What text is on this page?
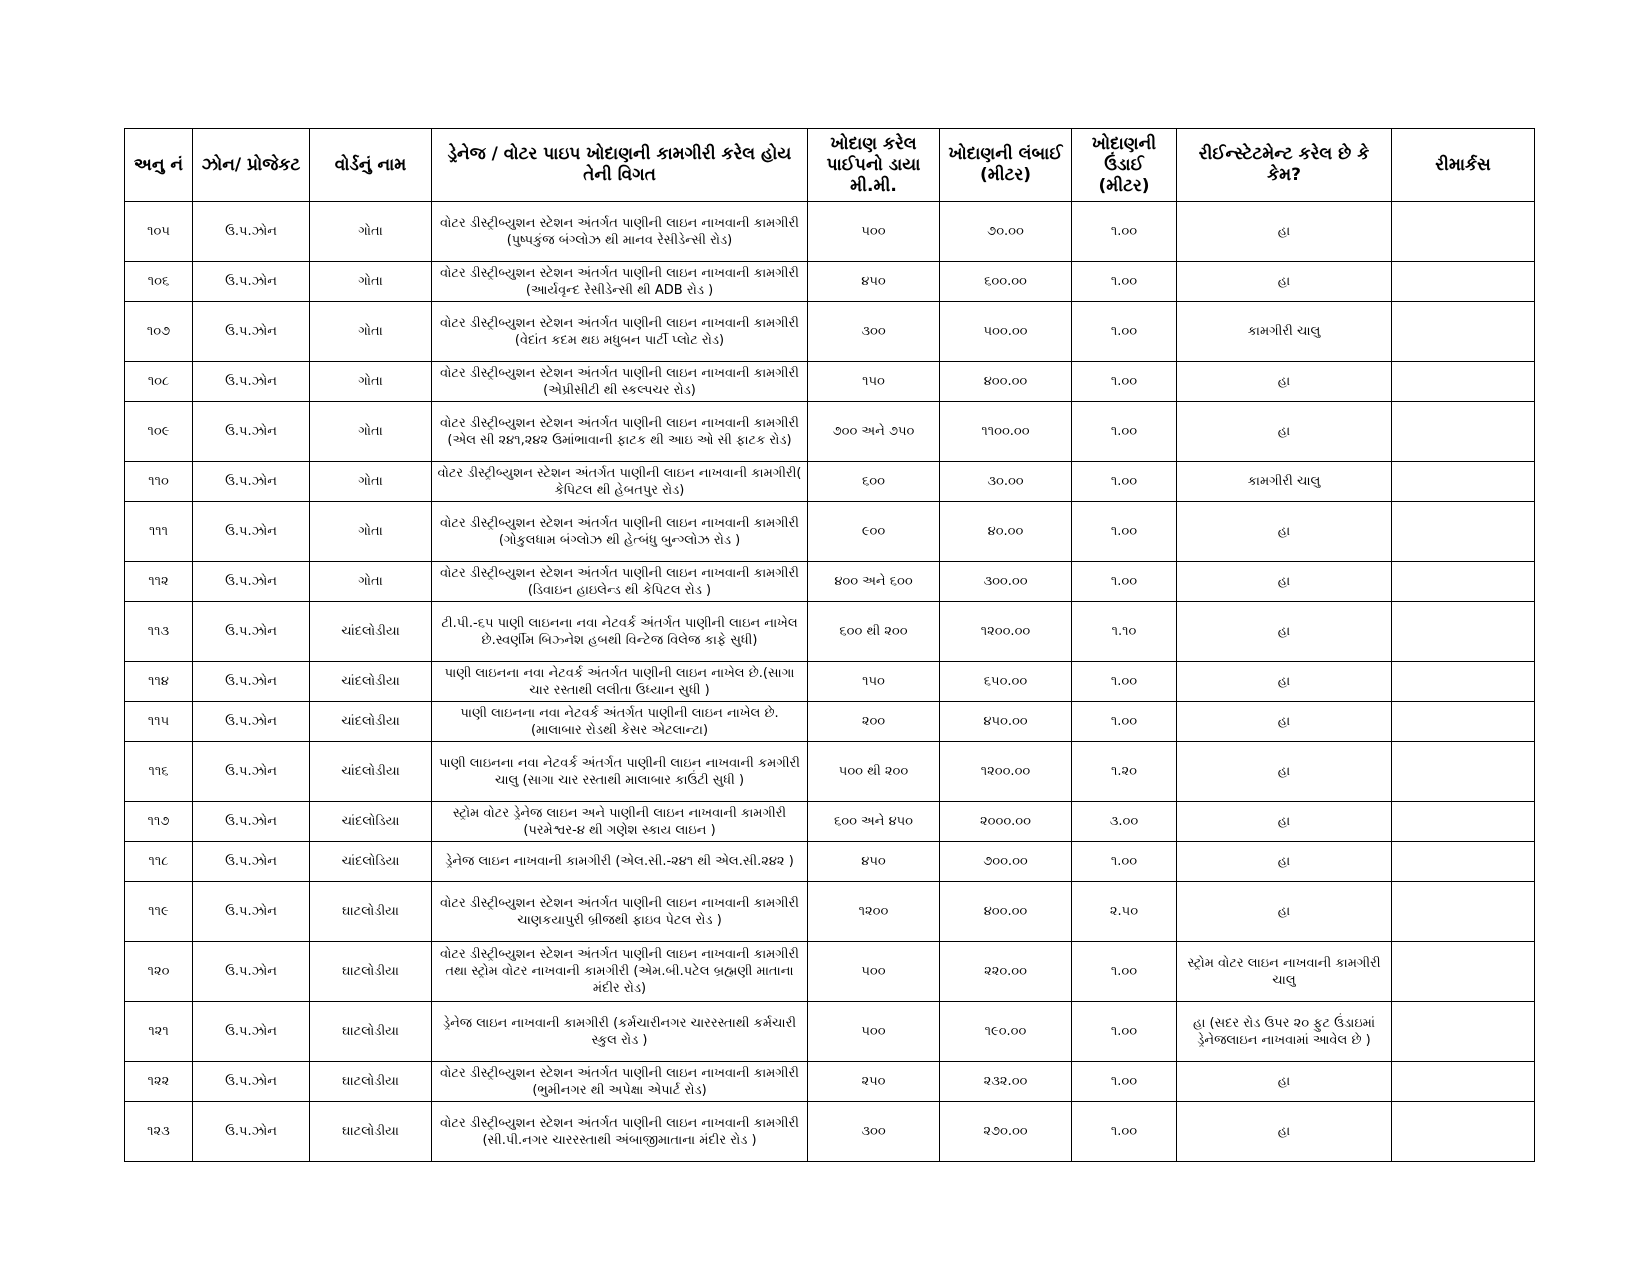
અનુ નં	ઝોન/ પ્રોજેકટ	વોર્ડનું નામ	ડ્રેનેજ / વોટર પાઇપ ખોદાણની કામગીરી કરેલ હોય તેની વિગત	ખોદાણ કરેલ પાઈપનો ડાયા મી.મી.	ખોદાણની લંબાઈ (મીટર)	ખોદાણની ઉંડાઈ (મીટર)	રીઈન્સ્ટેટમેન્ટ કરેલ છે કે કેમ?	રીમાર્કસ
૧૦૫	ઉ.પ.ઝોન	ગોતા	વોટર ડીસ્ટ્રીબ્યુશન સ્ટેશન અંતર્ગત પાણીની લાઇન નાખવાની કામગીરી (પુષ્પકુંજ બંગ્લોઝ થી માનવ રેસીડેન્સી રોડ)	૫૦૦	૭૦.૦૦	૧.૦૦	હા	
૧૦૬	ઉ.પ.ઝોન	ગોતા	વોટર ડીસ્ટ્રીબ્યુશન સ્ટેશન અંતર્ગત પાણીની લાઇન નાખવાની કામગીરી (આર્યવૃન્દ રેસીડેન્સી થી ADB રોડ )	૪૫૦	૬૦૦.૦૦	૧.૦૦	હા	
૧૦૭	ઉ.પ.ઝોન	ગોતા	વોટર ડીસ્ટ્રીબ્યુશન સ્ટેશન અંતર્ગત પાણીની લાઇન નાખવાની કામગીરી (વેદાંત કદમ થઇ મધુબન પાર્ટી પ્લોટ રોડ)	૩૦૦	૫૦૦.૦૦	૧.૦૦	કામગીરી ચાલુ	
૧૦૮	ઉ.પ.ઝોન	ગોતા	વોટર ડીસ્ટ્રીબ્યુશન સ્ટેશન અંતર્ગત પાણીની લાઇન નાખવાની કામગીરી (એપ્રીસીટી થી સ્કલ્પચર રોડ)	૧૫૦	૪૦૦.૦૦	૧.૦૦	હા	
૧૦૯	ઉ.પ.ઝોન	ગોતા	વોટર ડીસ્ટ્રીબ્યુશન સ્ટેશન અંતર્ગત પાણીની લાઇન નાખવાની કામગીરી (એલ સી ૨૪૧,૨૪૨ ઉમાંભાવાની ફાટક થી આઇ ઓ સી ફાટક રોડ)	૭૦૦ અને ૭૫૦	૧૧૦૦.૦૦	૧.૦૦	હા	
૧૧૦	ઉ.પ.ઝોન	ગોતા	વોટર ડીસ્ટ્રીબ્યુશન સ્ટેશન અંતર્ગત પાણીની લાઇન નાખવાની કામગીરી( કેપિટલ થી હેબતપુર રોડ)	૬૦૦	૩૦.૦૦	૧.૦૦	કામગીરી ચાલુ	
૧૧૧	ઉ.પ.ઝોન	ગોતા	વોટર ડીસ્ટ્રીબ્યુશન સ્ટેશન અંતર્ગત પાણીની લાઇન નાખવાની કામગીરી (ગોકુલધામ બંગ્લોઝ થી હેત્બંધુ બુન્ગ્લોઝ રોડ )	૯૦૦	૪૦.૦૦	૧.૦૦	હા	
૧૧૨	ઉ.પ.ઝોન	ગોતા	વોટર ડીસ્ટ્રીબ્યુશન સ્ટેશન અંતર્ગત પાણીની લાઇન નાખવાની કામગીરી (ડિવાઇન હાઇલેન્ડ થી કેપિટલ રોડ )	૪૦૦ અને ૬૦૦	૩૦૦.૦૦	૧.૦૦	હા	
૧૧૩	ઉ.પ.ઝોન	ચાંદલોડીયા	ટી.પી.-૬૫ પાણી લાઇનના નવા નેટવર્ક અંતર્ગત પાણીની લાઇન નાખેલ છે.સ્વર્ણીમ બિઝ્નેશ હબથી વિન્ટેજ વિલેજ કાફે સુધી)	૬૦૦ થી ૨૦૦	૧૨૦૦.૦૦	૧.૧૦	હા	
૧૧૪	ઉ.પ.ઝોન	ચાંદલોડીયા	પાણી લાઇનના નવા નેટવર્ક અંતર્ગત પાણીની લાઇન નાખેલ છે.(સાગા ચાર રસ્તાથી લલીતા ઉધ્યાન સુધી )	૧૫૦	૬૫૦.૦૦	૧.૦૦	હા	
૧૧૫	ઉ.પ.ઝોન	ચાંદલોડીયા	પાણી લાઇનના નવા નેટવર્ક અંતર્ગત પાણીની લાઇન નાખેલ છે.(માલાબાર રોડથી કેસર એટલાન્ટા)	૨૦૦	૪૫૦.૦૦	૧.૦૦	હા	
૧૧૬	ઉ.પ.ઝોન	ચાંદલોડીયા	પાણી લાઇનના નવા નેટવર્ક અંતર્ગત પાણીની લાઇન નાખવાની કમગીરી ચાલુ (સાગા ચાર રસ્તાથી માલાબાર કાઉંટી સુધી )	૫૦૦ થી ૨૦૦	૧૨૦૦.૦૦	૧.૨૦	હા	
૧૧૭	ઉ.પ.ઝોન	ચાંદલોડિયા	સ્ટ્રોમ વોટર ડ્રેનેજ લાઇન અને પાણીની લાઇન નાખવાની કામગીરી (પરમેશ્વર-૪ થી ગણેશ સ્કાય લાઇન )	૬૦૦ અને ૪૫૦	૨૦૦૦.૦૦	૩.૦૦	હા	
૧૧૮	ઉ.પ.ઝોન	ચાંદલોડિયા	ડ્રેનેજ લાઇન નાખવાની કામગીરી (એલ.સી.-૨૪૧ થી એલ.સી.૨૪૨ )	૪૫૦	૭૦૦.૦૦	૧.૦૦	હા	
૧૧૯	ઉ.પ.ઝોન	ઘાટલોડીયા	વોટર ડીસ્ટ્રીબ્યુશન સ્ટેશન અંતર્ગત પાણીની લાઇન નાખવાની કામગીરી ચાણકયાપુરી બ્રીજથી ફાઇવ પેટલ રોડ )	૧૨૦૦	૪૦૦.૦૦	૨.૫૦	હા	
૧૨૦	ઉ.પ.ઝોન	ઘાટલોડીયા	વોટર ડીસ્ટ્રીબ્યુશન સ્ટેશન અંતર્ગત પાણીની લાઇન નાખવાની કામગીરી તથા સ્ટ્રોમ વોટર નાખવાની કામગીરી (એમ.બી.પટેલ બ્રહ્મણી માતાના મંદીર રોડ)	૫૦૦	૨૨૦.૦૦	૧.૦૦	સ્ટ્રોમ વોટર લાઇન નાખવાની કામગીરી ચાલુ	
૧૨૧	ઉ.પ.ઝોન	ઘાટલોડીયા	ડ્રેનેજ લાઇન નાખવાની કામગીરી (કર્મચારીનગર ચારરસ્તાથી કર્મચારી સ્કુલ રોડ )	૫૦૦	૧૯૦.૦૦	૧.૦૦	હા (સદર રોડ ઉપર ૨૦ ફુટ ઉંડાઇમાં ડ્રેનેજલાઇન નાખવામાં આવેલ છે )	
૧૨૨	ઉ.પ.ઝોન	ઘાટલોડીયા	વોટર ડીસ્ટ્રીબ્યુશન સ્ટેશન અંતર્ગત પાણીની લાઇન નાખવાની કામગીરી (ભુમીનગર થી અપેક્ષા એપાર્ટ રોડ)	૨૫૦	૨૩૨.૦૦	૧.૦૦	હા	
૧૨૩	ઉ.પ.ઝોન	ઘાટલોડીયા	વોટર ડીસ્ટ્રીબ્યુશન સ્ટેશન અંતર્ગત પાણીની લાઇન નાખવાની કામગીરી (સી.પી.નગર ચારરસ્તાથી અંબાજીમાતાના મંદીર રોડ )	૩૦૦	૨૭૦.૦૦	૧.૦૦	હા	
